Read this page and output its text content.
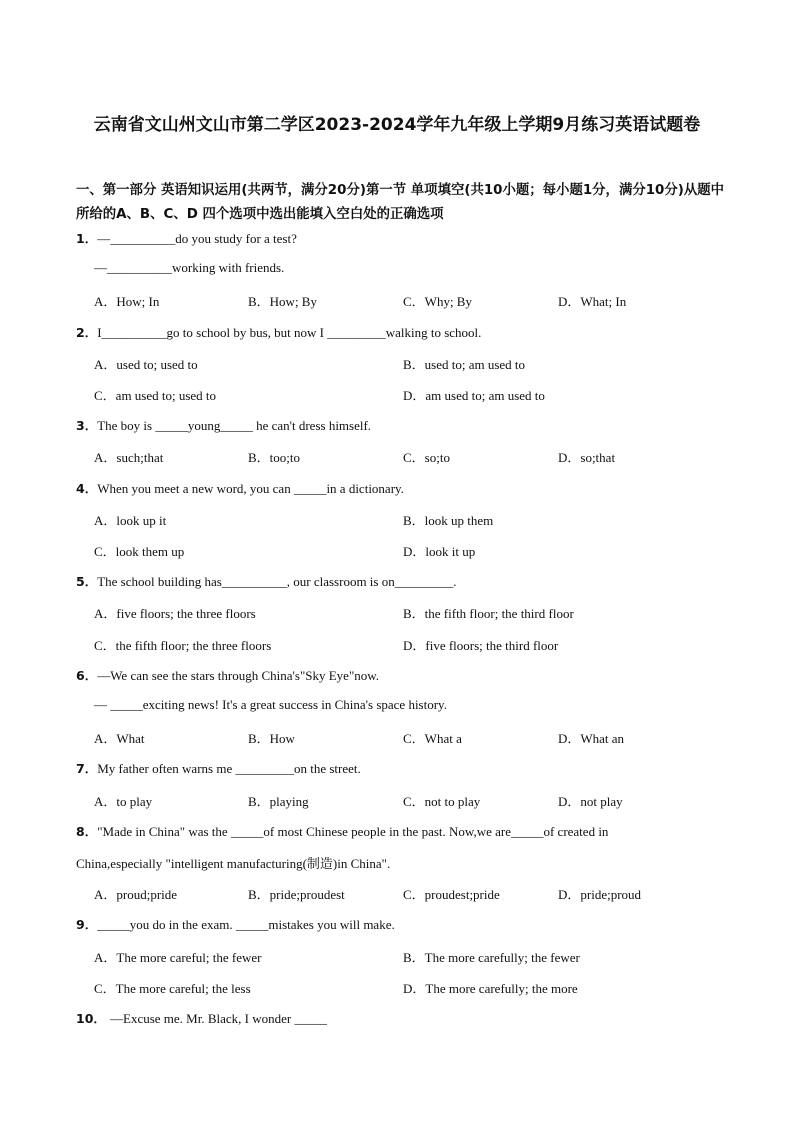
云南省文山州文山市第二学区2023-2024学年九年级上学期9月练习英语试题卷
一、第一部分 英语知识运用(共两节，满分20分)第一节 单项填空(共10小题；每小题1分，满分10分)从题中所给的A、B、C、D 四个选项中选出能填入空白处的正确选项
1．—__________do you study for a test?
—__________working with friends.
A．How; In	B．How; By	C．Why; By	D．What; In
2．I__________go to school by bus, but now I _________walking to school.
A．used to; used to	B．used to; am used to
C．am used to; used to	D．am used to; am used to
3．The boy is _____young_____ he can't dress himself.
A．such;that	B．too;to	C．so;to	D．so;that
4．When you meet a new word, you can _____in a dictionary.
A．look up it	B．look up them
C．look them up	D．look it up
5．The school building has__________, our classroom is on_________.
A．five floors; the three floors	B．the fifth floor; the third floor
C．the fifth floor; the three floors	D．five floors; the third floor
6．—We can see the stars through China's"Sky Eye"now.
— _____exciting news! It's a great success in China's space history.
A．What	B．How	C．What a	D．What an
7．My father often warns me _________on the street.
A．to play	B．playing	C．not to play	D．not play
8．"Made in China" was the _____of most Chinese people in the past. Now,we are_____of created in
China,especially "intelligent manufacturing(制造)in China".
A．proud;pride	B．pride;proudest	C．proudest;pride	D．pride;proud
9．_____you do in the exam. _____mistakes you will make.
A．The more careful; the fewer	B．The more carefully; the fewer
C．The more careful; the less	D．The more carefully; the more
10． —Excuse me. Mr. Black, I wonder _____
